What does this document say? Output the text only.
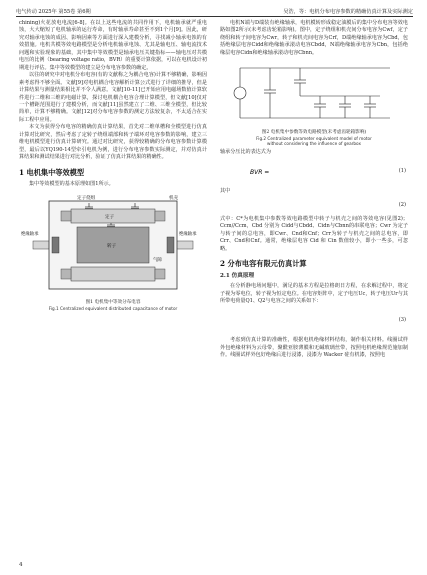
电气传动 2025年 第55卷 第6期	吴浩，等：电机分布电容参数的精确仿真计算及实际测定

chining)火花放电电流[6-8]。在以上这些电流的共同作用下，电机轴承就严重电蚀，大大缩短了电机轴承的运行寿命，有时轴承寿命甚至不到1个月[9]。因此，研究对轴承电蚀的成因、影响因素等方面进行深入建模分析，寻找减小轴承电蚀的有效措施。电机共模等效电路模型是分析电机轴承电蚀、尤其是轴电压、轴电流技术问题和实验现象的基础，其中集中等效模型是轴承电压关键指标——轴电压对共模电压的比例（bearing voltage ratio，BVR）的重要计算依据，可以在电机设计初期进行评估。集中等效模型的建立是分布电容参数的确定。

以往的研究中对电机分布电容(有的文献称之为耦合电容)计算不够精确，影响因素考虑得不够全面。文献[9]对电机耦合电容解析计算公式进行了详细的推导，但是计算结果与测量结果相比并不令人满意。文献[10-11]已开始应用电磁场数值计算软件进行二维和三维的电磁计算，探讨电机耦合电容合理计算模型，但文献[10]仅对一个槽距范围进行了建模分析，而文献[11]虽然建立了二维、三维全模型，但比较简单，计算不够精确。文献[12]对分布电容参数的测定方法较复杂，不太适合在实际工程中应用。

本文为获得分布电容的精确仿真计算结果，首先对二维单槽和全模型进行仿真计算对比研究，然后考虑了定转子绕组端部和转子端环对电容参数的影响，建立三维电机模型进行仿真计算研究。通过对比研究，获得较精确的分布电容参数计算模型，最后以YQ190-14型牵引电机为例，进行分布电容参数实际测定，并对仿真计算结果和测试结果进行对比分析，验证了仿真计算结果的精确性。

1 电机集中等效模型

集中等效模型的基本原理如图1所示。

定子绕组
定子
机壳
转子
绝缘轴承	绝缘轴承
气隙
图1 电机集中等效分布电容
Fig.1 Centralized equivalent distributed capacitance of motor

电机N端与D端装有绝缘轴承，电机模转形成稳定油膜后的集中分布电容等效电路如图2所示(未考虑齿轮箱影响)。图中，定子绕组和机壳间分布电容为Cwf，定子绕组和转子间电容为Cwr，转子和机壳间电容为Crf，D端绝缘轴承电容为Cbd，包括绝缘层电容Cidd和绝缘轴承滚动电容Cbdd，N端绝缘轴承电容为Cbn，包括绝缘层电容Cidn和绝缘轴承滚动电容Cbnn。

图2 电机集中参数等效电路模型(未考虑齿轮箱影响)
Fig.2 Centralized parameter equivalent model of motor
without considering the influence of gearbox

轴承分压比的表达式为

BVR =	(1)

其中

(2)

式中：C*为电机集中参数等效电路模型中转子与机壳之间的等效电容(见图2)；Ccm//Ccm，Cbd 分别为 Cidd与Cbdd、Cidn与Cbnn的串联电容；Cwr 为定子与转子间的总电容，即Cwr、Cnd和Cnf；Crr为转子与机壳之间的总电容，即Crr、Cnd和Cnf。通常，绝缘层电容 Cid 和 Cin 数值较小，即小一些多，可忽略。

2 分布电容有限元仿真计算
2.1 仿真原理

在分析静电场问题中，满足的基本方程是拉格朗日方程，在求解过程中，将定子视为零电位，转子视为恒定电位。在电容矩阵中，定子电压Uc，转子电压Ur与其所带电荷量Q1、Q2与电容之间的关系如下：

(3)

考虑到仿真计算的准确性，根据电机绝缘材料结构，制作相关材料。线圈试样外包绝缘材料为云母带，聚酰亚胺薄膜和无碱玻璃丝带，按照电机绝缘规范施加制作。线圈试样外包好绝缘后进行浸漆，浸漆为 Wacker 硅有机漆，按照电

4
